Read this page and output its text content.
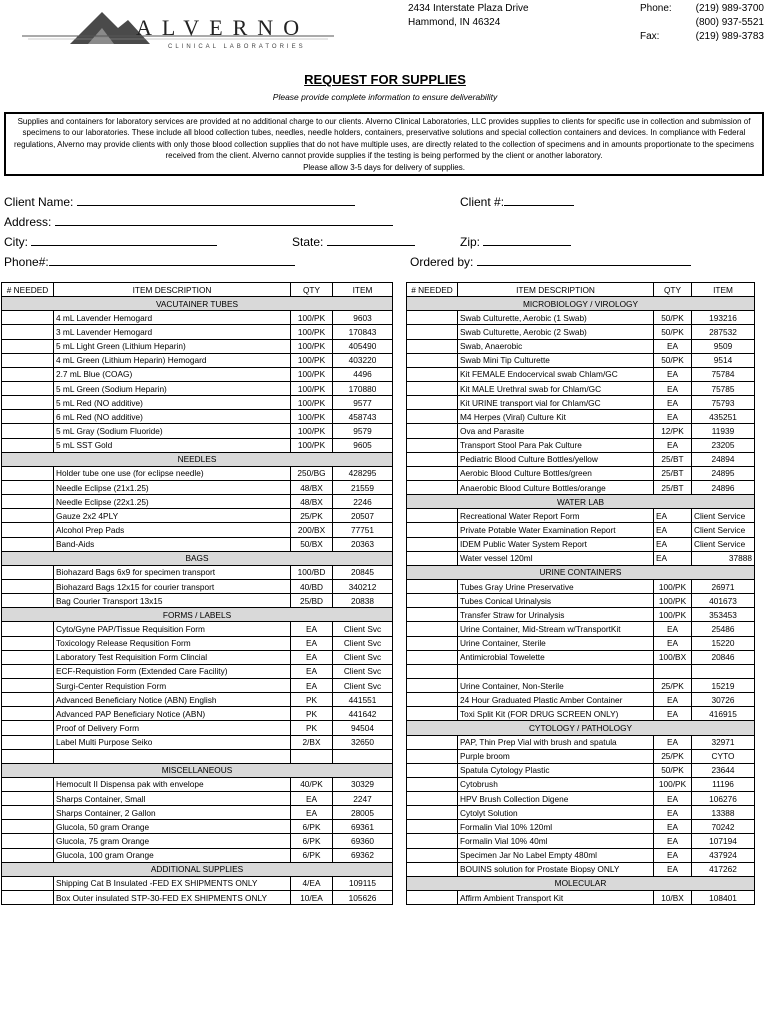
ALVERNO
CLINICAL LABORATORIES
2434 Interstate Plaza Drive
Hammond, IN 46324
Phone:	(219) 989-3700
(800) 937-5521
Fax:	(219) 989-3783
REQUEST FOR SUPPLIES
Please provide complete information to ensure deliverability
Supplies and containers for laboratory services are provided at no additional charge to our clients. Alverno Clinical Laboratories, LLC provides supplies to clients for specific use in collection and submission of specimens to our laboratories. These include all blood collection tubes, needles, needle holders, containers, preservative solutions and special collection containers and devices. In compliance with Federal regulations, Alverno may provide clients with only those blood collection supplies that do not have multiple uses, are directly related to the collection of specimens and in amounts proportionate to the specimens received from the client. Alverno cannot provide supplies if the testing is being performed by the client or another laboratory.
Please allow 3-5 days for delivery of supplies.
Client Name:	Client #:
Address:
City:	State:	Zip:
Phone#:	Ordered by:
# NEEDED	ITEM DESCRIPTION	QTY	ITEM
VACUTAINER TUBES			
	4 mL Lavender Hemogard	100/PK	9603
	3 mL Lavender Hemogard	100/PK	170843
	5 mL Light Green (Lithium Heparin)	100/PK	405490
	4 mL Green (Lithium Heparin) Hemogard	100/PK	403220
	2.7 mL Blue (COAG)	100/PK	4496
	5 mL Green (Sodium Heparin)	100/PK	170880
	5 mL Red (NO additive)	100/PK	9577
	6 mL Red (NO additive)	100/PK	458743
	5 mL Gray (Sodium Fluoride)	100/PK	9579
	5 mL SST Gold	100/PK	9605
NEEDLES			
	Holder tube one use (for eclipse needle)	250/BG	428295
	Needle Eclipse (21x1.25)	48/BX	21559
	Needle Eclipse (22x1.25)	48/BX	2246
	Gauze 2x2 4PLY	25/PK	20507
	Alcohol Prep Pads	200/BX	77751
	Band-Aids	50/BX	20363
BAGS			
	Biohazard Bags 6x9 for specimen transport	100/BD	20845
	Biohazard Bags 12x15 for courier transport	40/BD	340212
	Bag Courier Transport 13x15	25/BD	20838
FORMS / LABELS			
	Cyto/Gyne PAP/Tissue Requisition Form	EA	Client Svc
	Toxicology Release Requsition Form	EA	Client Svc
	Laboratory Test Requisition Form Clincial	EA	Client Svc
	ECF-Requistion Form (Extended Care Facility)	EA	Client Svc
	Surgi-Center Requistion Form	EA	Client Svc
	Advanced Beneficiary Notice (ABN) English	PK	441551
	Advanced PAP Beneficiary Notice (ABN)	PK	441642
	Proof of Delivery Form	PK	94504
	Label Multi Purpose Seiko	2/BX	32650

MISCELLANEOUS			
	Hemocult II Dispensa pak with envelope	40/PK	30329
	Sharps Container, Small	EA	2247
	Sharps Container, 2 Gallon	EA	28005
	Glucola, 50 gram Orange	6/PK	69361
	Glucola, 75 gram Orange	6/PK	69360
	Glucola, 100 gram Orange	6/PK	69362
ADDITIONAL SUPPLIES			
	Shipping Cat B Insulated -FED EX SHIPMENTS ONLY	4/EA	109115
	Box Outer insulated STP-30-FED EX SHIPMENTS ONLY	10/EA	105626
# NEEDED	ITEM DESCRIPTION	QTY	ITEM
MICROBIOLOGY / VIROLOGY			
	Swab Culturette, Aerobic (1 Swab)	50/PK	193216
	Swab Culturette, Aerobic (2 Swab)	50/PK	287532
	Swab, Anaerobic	EA	9509
	Swab Mini Tip Culturette	50/PK	9514
	Kit FEMALE Endocervical swab Chlam/GC	EA	75784
	Kit MALE Urethral swab for Chlam/GC	EA	75785
	Kit URINE transport vial for Chlam/GC	EA	75793
	M4 Herpes (Viral) Culture Kit	EA	435251
	Ova and Parasite	12/PK	11939
	Transport Stool Para Pak Culture	EA	23205
	Pediatric Blood Culture Bottles/yellow	25/BT	24894
	Aerobic Blood Culture Bottles/green	25/BT	24895
	Anaerobic Blood Culture Bottles/orange	25/BT	24896
WATER LAB			
	Recreational Water Report Form	EA	Client Service
	Private Potable Water Examination Report	EA	Client Service
	IDEM Public Water System Report	EA	Client Service
	Water vessel 120ml	EA	37888
URINE CONTAINERS			
	Tubes Gray Urine Preservative	100/PK	26971
	Tubes Conical Urinalysis	100/PK	401673
	Transfer Straw for Urinalysis	100/PK	353453
	Urine Container, Mid-Stream w/TransportKit	EA	25486
	Urine Container, Sterile	EA	15220
	Antimicrobial Towelette	100/BX	20846

	Urine Container, Non-Sterile	25/PK	15219
	24 Hour Graduated Plastic Amber Container	EA	30726
	Toxi Split Kit (FOR DRUG SCREEN ONLY)	EA	416915
CYTOLOGY / PATHOLOGY			
	PAP, Thin Prep Vial with brush and spatula	EA	32971
	Purple broom	25/PK	CYTO
	Spatula Cytology Plastic	50/PK	23644
	Cytobrush	100/PK	11196
	HPV Brush Collection Digene	EA	106276
	Cytolyt Solution	EA	13388
	Formalin Vial 10% 120ml	EA	70242
	Formalin Vial 10% 40ml	EA	107194
	Specimen Jar No Label Empty 480ml	EA	437924
	BOUINS solution for Prostate Biopsy ONLY	EA	417262
MOLECULAR			
	Affirm Ambient Transport Kit	10/BX	108401
